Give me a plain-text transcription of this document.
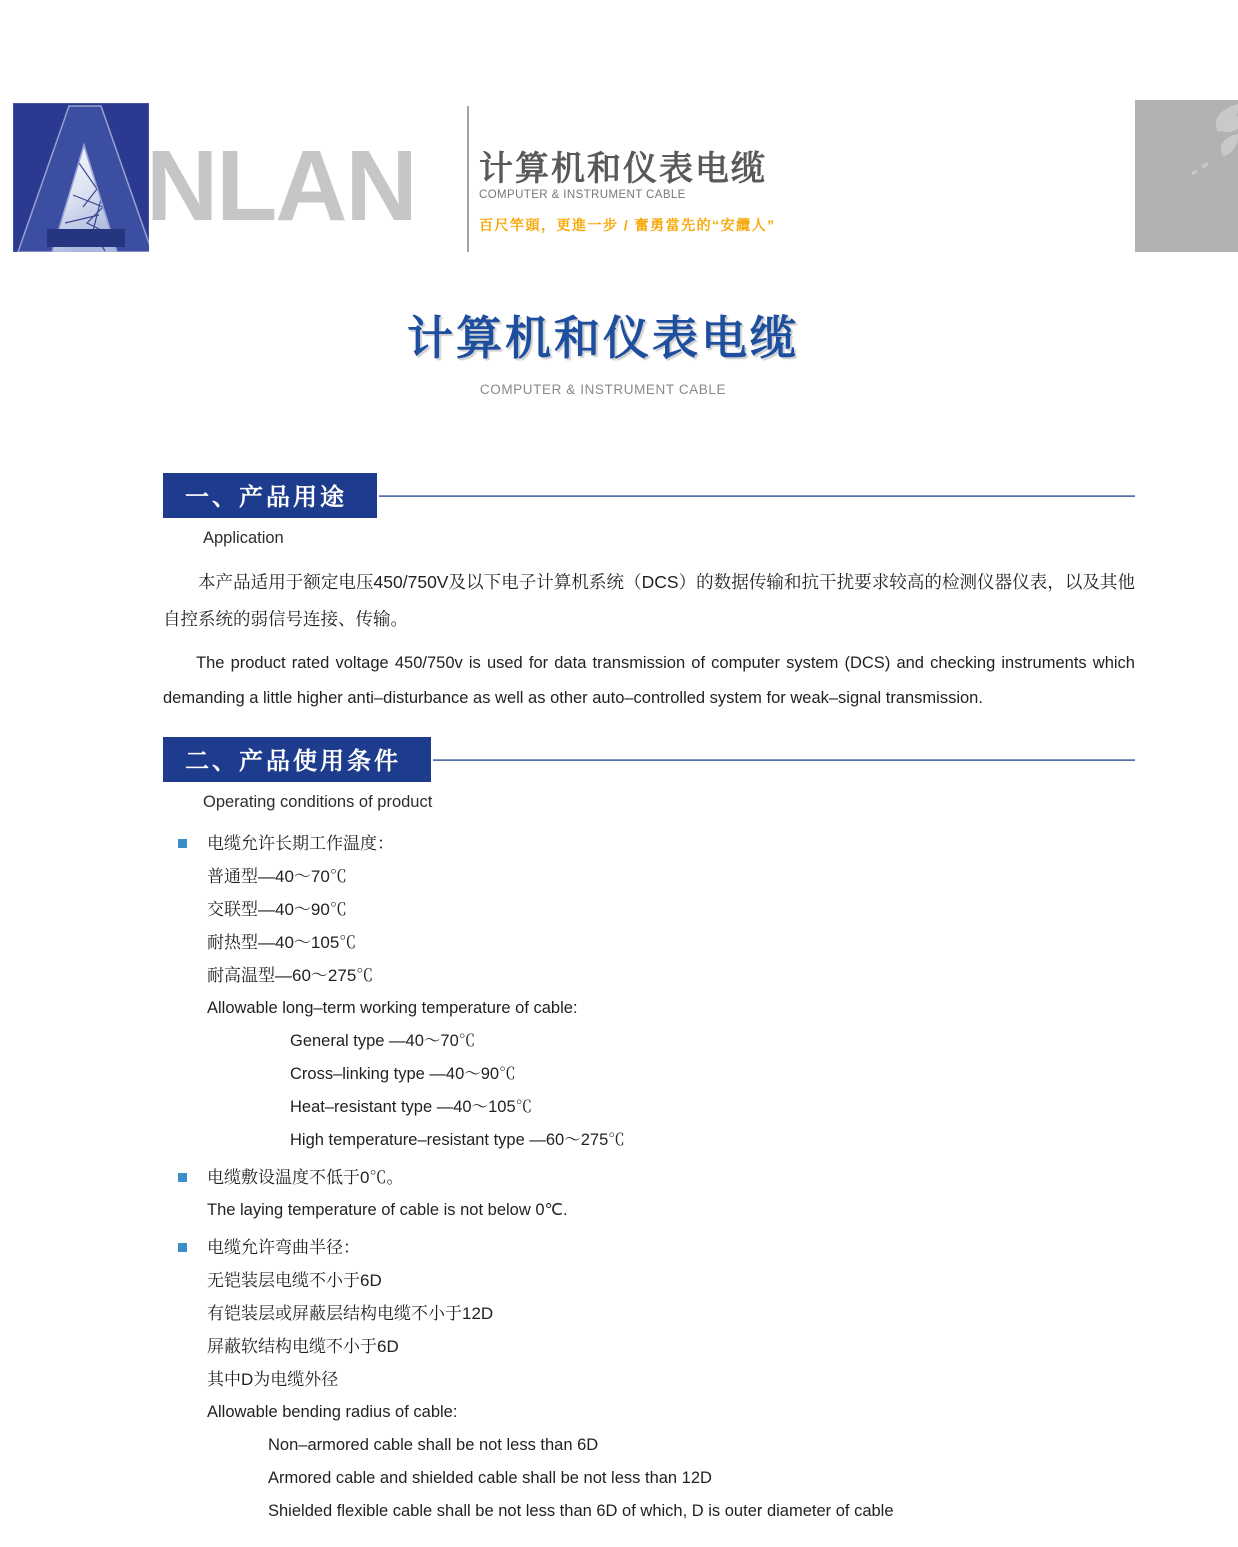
NLAN 计算机和仪表电缆
COMPUTER & INSTRUMENT CABLE
百尺竿頭，更進一步 / 奮勇當先的“安纜人”
计算机和仪表电缆
COMPUTER & INSTRUMENT CABLE
一、产品用途
Application

本产品适用于额定电压450/750V及以下电子计算机系统（DCS）的数据传输和抗干扰要求较高的检测仪器仪表，以及其他自控系统的弱信号连接、传输。

The product rated voltage 450/750v is used for data transmission of computer system (DCS) and checking instruments which demanding a little higher anti–disturbance as well as other auto–controlled system for weak–signal transmission.

二、产品使用条件
Operating conditions of product
电缆允许长期工作温度：
普通型—40～70℃
交联型—40～90℃
耐热型—40～105℃
耐高温型—60～275℃
Allowable long–term working temperature of cable:
General type —40～70℃
Cross–linking type —40～90℃
Heat–resistant type —40～105℃
High temperature–resistant type —60～275℃
电缆敷设温度不低于0℃。
The laying temperature of cable is not below 0℃.
电缆允许弯曲半径：
无铠装层电缆不小于6D
有铠装层或屏蔽层结构电缆不小于12D
屏蔽软结构电缆不小于6D
其中D为电缆外径
Allowable bending radius of cable:
Non–armored cable shall be not less than 6D
Armored cable and shielded cable shall be not less than 12D
Shielded flexible cable shall be not less than 6D of which, D is outer diameter of cable
